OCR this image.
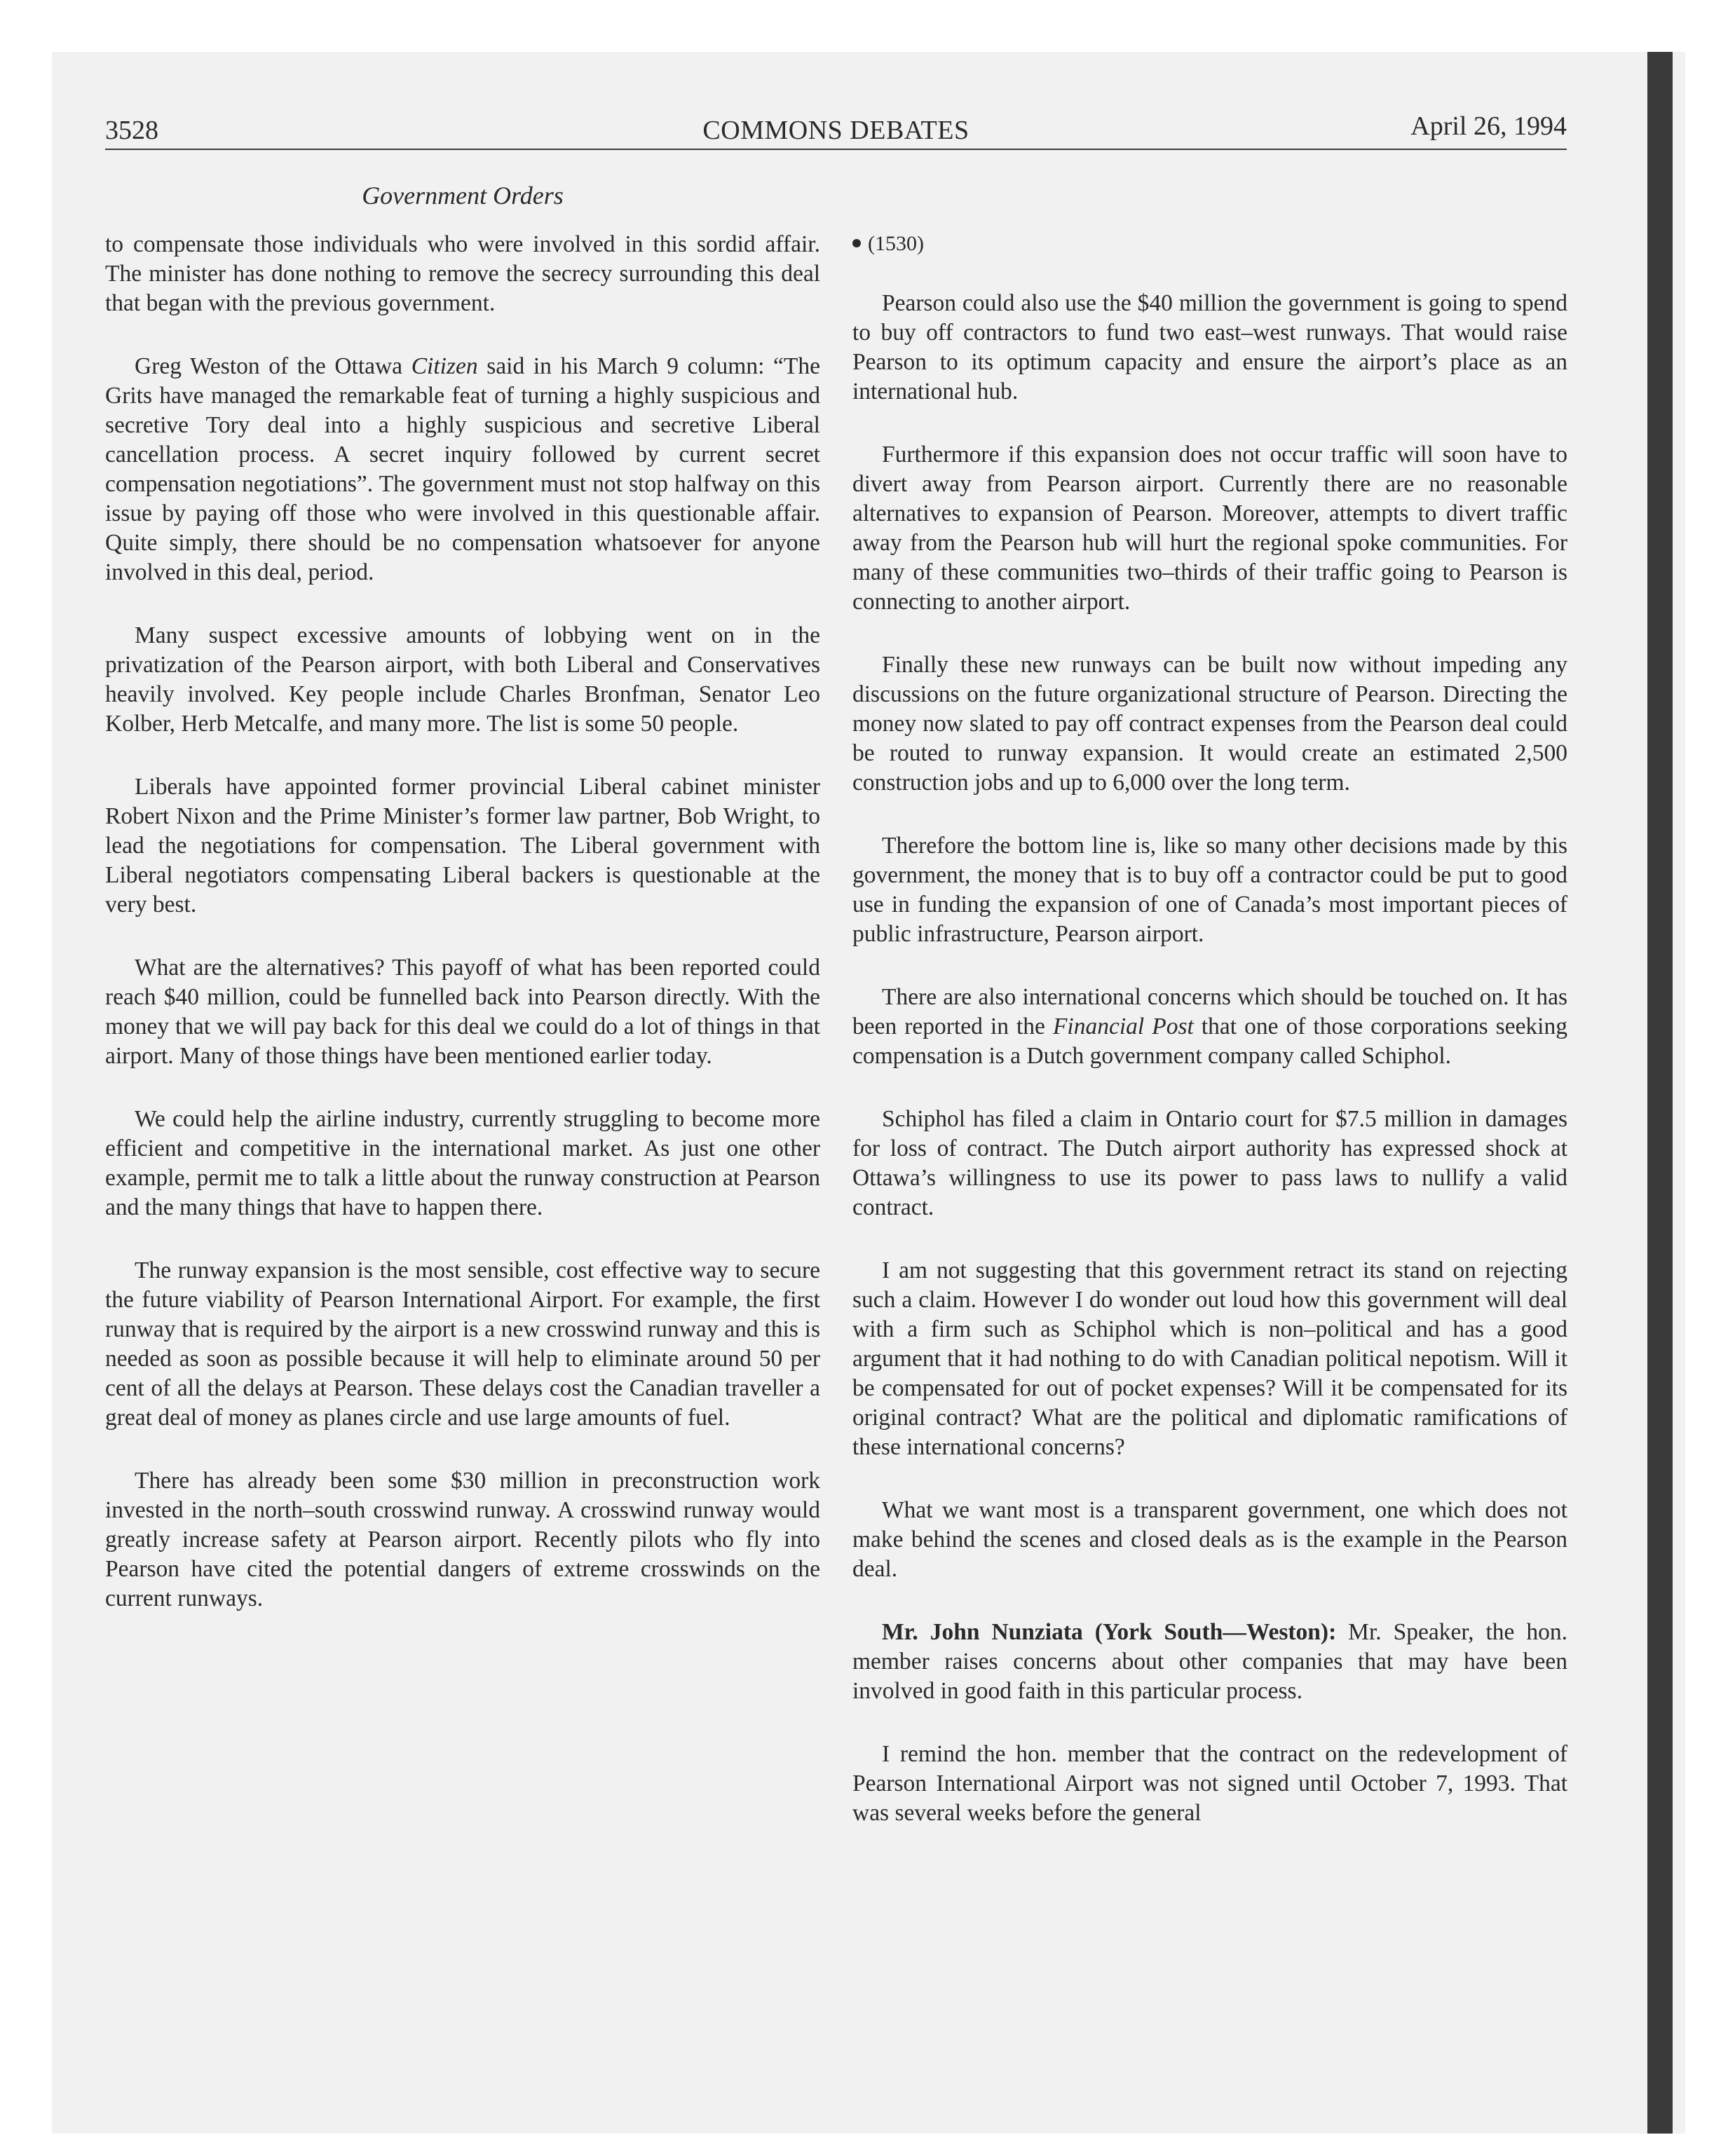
3528	COMMONS DEBATES	April 26, 1994
Government Orders

to compensate those individuals who were involved in this sordid affair. The minister has done nothing to remove the secrecy surrounding this deal that began with the previous government.

Greg Weston of the Ottawa Citizen said in his March 9 column: “The Grits have managed the remarkable feat of turning a highly suspicious and secretive Tory deal into a highly suspicious and secretive Liberal cancellation process. A secret inquiry followed by current secret compensation negotiations”. The government must not stop halfway on this issue by paying off those who were involved in this questionable affair. Quite simply, there should be no compensation whatsoever for anyone involved in this deal, period.

Many suspect excessive amounts of lobbying went on in the privatization of the Pearson airport, with both Liberal and Conservatives heavily involved. Key people include Charles Bronfman, Senator Leo Kolber, Herb Metcalfe, and many more. The list is some 50 people.

Liberals have appointed former provincial Liberal cabinet minister Robert Nixon and the Prime Minister’s former law partner, Bob Wright, to lead the negotiations for compensation. The Liberal government with Liberal negotiators compensating Liberal backers is questionable at the very best.

What are the alternatives? This payoff of what has been reported could reach $40 million, could be funnelled back into Pearson directly. With the money that we will pay back for this deal we could do a lot of things in that airport. Many of those things have been mentioned earlier today.

We could help the airline industry, currently struggling to become more efficient and competitive in the international market. As just one other example, permit me to talk a little about the runway construction at Pearson and the many things that have to happen there.

The runway expansion is the most sensible, cost effective way to secure the future viability of Pearson International Airport. For example, the first runway that is required by the airport is a new crosswind runway and this is needed as soon as possible because it will help to eliminate around 50 per cent of all the delays at Pearson. These delays cost the Canadian traveller a great deal of money as planes circle and use large amounts of fuel.

There has already been some $30 million in preconstruction work invested in the north–south crosswind runway. A crosswind runway would greatly increase safety at Pearson airport. Recently pilots who fly into Pearson have cited the potential dangers of extreme crosswinds on the current runways.

(1530)

Pearson could also use the $40 million the government is going to spend to buy off contractors to fund two east–west runways. That would raise Pearson to its optimum capacity and ensure the airport’s place as an international hub.

Furthermore if this expansion does not occur traffic will soon have to divert away from Pearson airport. Currently there are no reasonable alternatives to expansion of Pearson. Moreover, attempts to divert traffic away from the Pearson hub will hurt the regional spoke communities. For many of these communities two–thirds of their traffic going to Pearson is connecting to another airport.

Finally these new runways can be built now without impeding any discussions on the future organizational structure of Pearson. Directing the money now slated to pay off contract expenses from the Pearson deal could be routed to runway expansion. It would create an estimated 2,500 construction jobs and up to 6,000 over the long term.

Therefore the bottom line is, like so many other decisions made by this government, the money that is to buy off a contractor could be put to good use in funding the expansion of one of Canada’s most important pieces of public infrastructure, Pearson airport.

There are also international concerns which should be touched on. It has been reported in the Financial Post that one of those corporations seeking compensation is a Dutch government company called Schiphol.

Schiphol has filed a claim in Ontario court for $7.5 million in damages for loss of contract. The Dutch airport authority has expressed shock at Ottawa’s willingness to use its power to pass laws to nullify a valid contract.

I am not suggesting that this government retract its stand on rejecting such a claim. However I do wonder out loud how this government will deal with a firm such as Schiphol which is non–political and has a good argument that it had nothing to do with Canadian political nepotism. Will it be compensated for out of pocket expenses? Will it be compensated for its original contract? What are the political and diplomatic ramifications of these international concerns?

What we want most is a transparent government, one which does not make behind the scenes and closed deals as is the example in the Pearson deal.

Mr. John Nunziata (York South—Weston): Mr. Speaker, the hon. member raises concerns about other companies that may have been involved in good faith in this particular process.

I remind the hon. member that the contract on the redevelopment of Pearson International Airport was not signed until October 7, 1993. That was several weeks before the general
